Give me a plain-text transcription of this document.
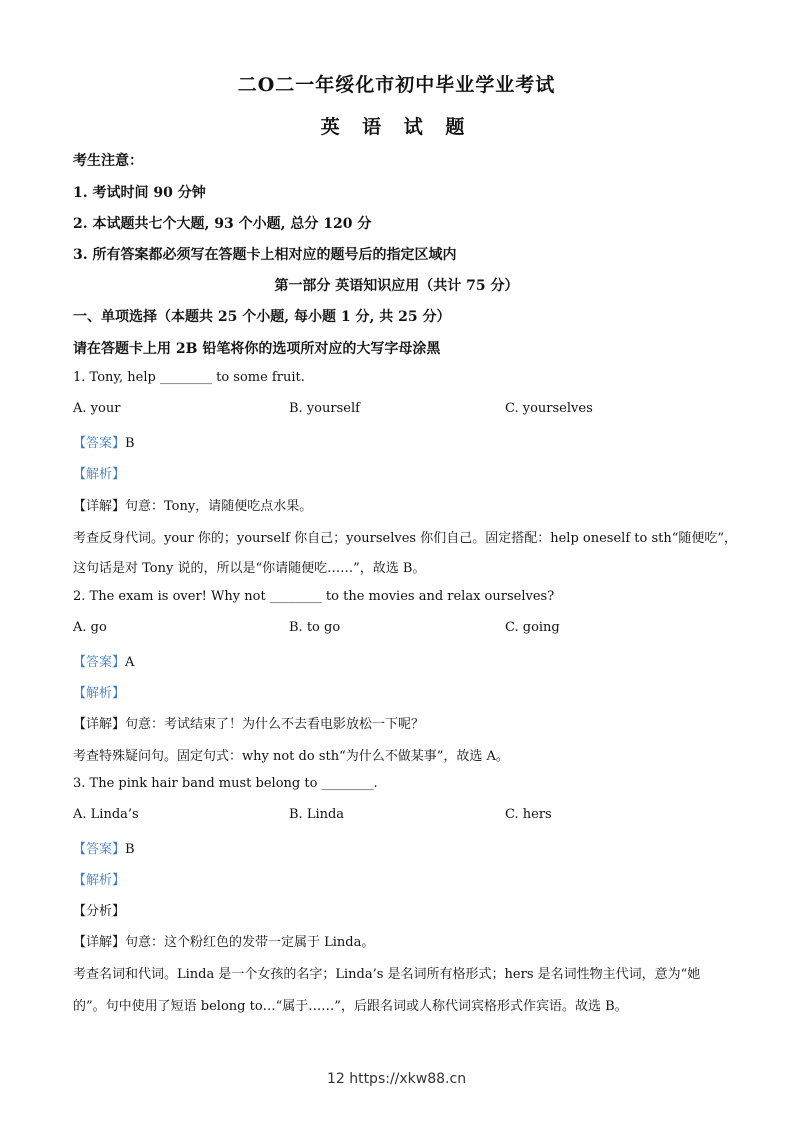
二O二一年绥化市初中毕业学业考试
英 语 试 题
考生注意：
1. 考试时间 90 分钟
2. 本试题共七个大题, 93 个小题, 总分 120 分
3. 所有答案都必须写在答题卡上相对应的题号后的指定区域内
第一部分 英语知识应用（共计 75 分）
一、单项选择（本题共 25 个小题, 每小题 1 分, 共 25 分）
请在答题卡上用 2B 铅笔将你的选项所对应的大写字母涂黑
1. Tony, help ________ to some fruit.
A. your	B. yourself	C. yourselves
【答案】B
【解析】
【详解】句意：Tony，请随便吃点水果。
考查反身代词。your 你的；yourself 你自己；yourselves 你们自己。固定搭配：help oneself to sth“随便吃”，
这句话是对 Tony 说的，所以是“你请随便吃……”，故选 B。
2. The exam is over! Why not ________ to the movies and relax ourselves?
A. go	B. to go	C. going
【答案】A
【解析】
【详解】句意：考试结束了！为什么不去看电影放松一下呢？
考查特殊疑问句。固定句式：why not do sth“为什么不做某事”，故选 A。
3. The pink hair band must belong to ________.
A. Linda’s	B. Linda	C. hers
【答案】B
【解析】
【分析】
【详解】句意：这个粉红色的发带一定属于 Linda。
考查名词和代词。Linda 是一个女孩的名字；Linda’s 是名词所有格形式；hers 是名词性物主代词，意为“她
的”。句中使用了短语 belong to…“属于……”，后跟名词或人称代词宾格形式作宾语。故选 B。
12 https://xkw88.cn
